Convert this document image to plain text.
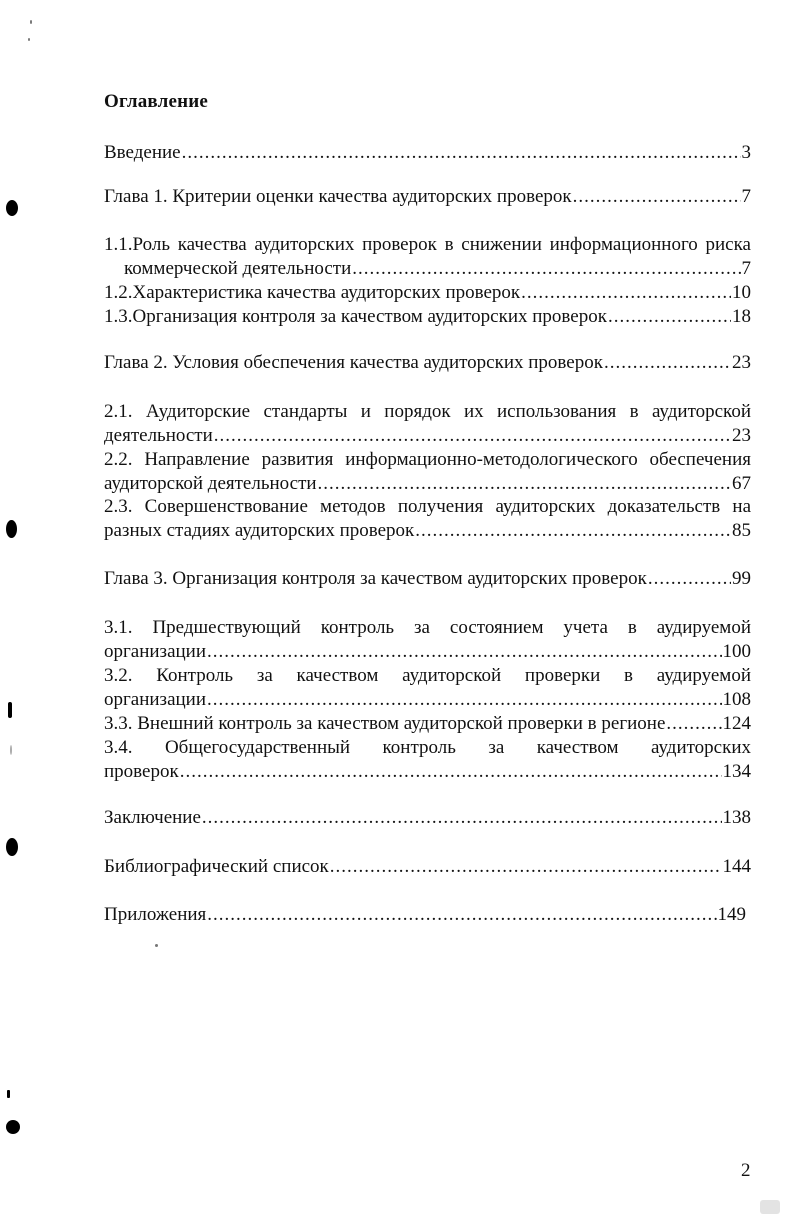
Оглавление
Введение .....	3
Глава 1. Критерии оценки качества аудиторских проверок .....	7
1.1.Роль качества аудиторских проверок в снижении информационного риска
коммерческой деятельности .....	7
1.2.Характеристика качества аудиторских проверок .....	10
1.3.Организация контроля за качеством аудиторских проверок .....	18
Глава 2. Условия обеспечения качества аудиторских проверок .....	23
2.1. Аудиторские стандарты и порядок их использования в аудиторской
деятельности .....	23
2.2. Направление развития информационно-методологического обеспечения
аудиторской деятельности .....	67
2.3. Совершенствование методов получения аудиторских доказательств на
разных стадиях аудиторских проверок .....	85
Глава 3. Организация контроля за качеством аудиторских проверок .....	99
3.1. Предшествующий контроль за состоянием учета в аудируемой
организации .....	100
3.2. Контроль за качеством аудиторской проверки в аудируемой
организации .....	108
3.3. Внешний контроль за качеством аудиторской проверки в регионе .....	124
3.4. Общегосударственный контроль за качеством аудиторских
проверок .....	134
Заключение .....	138
Библиографический список .....	144
Приложения .....	149
2
